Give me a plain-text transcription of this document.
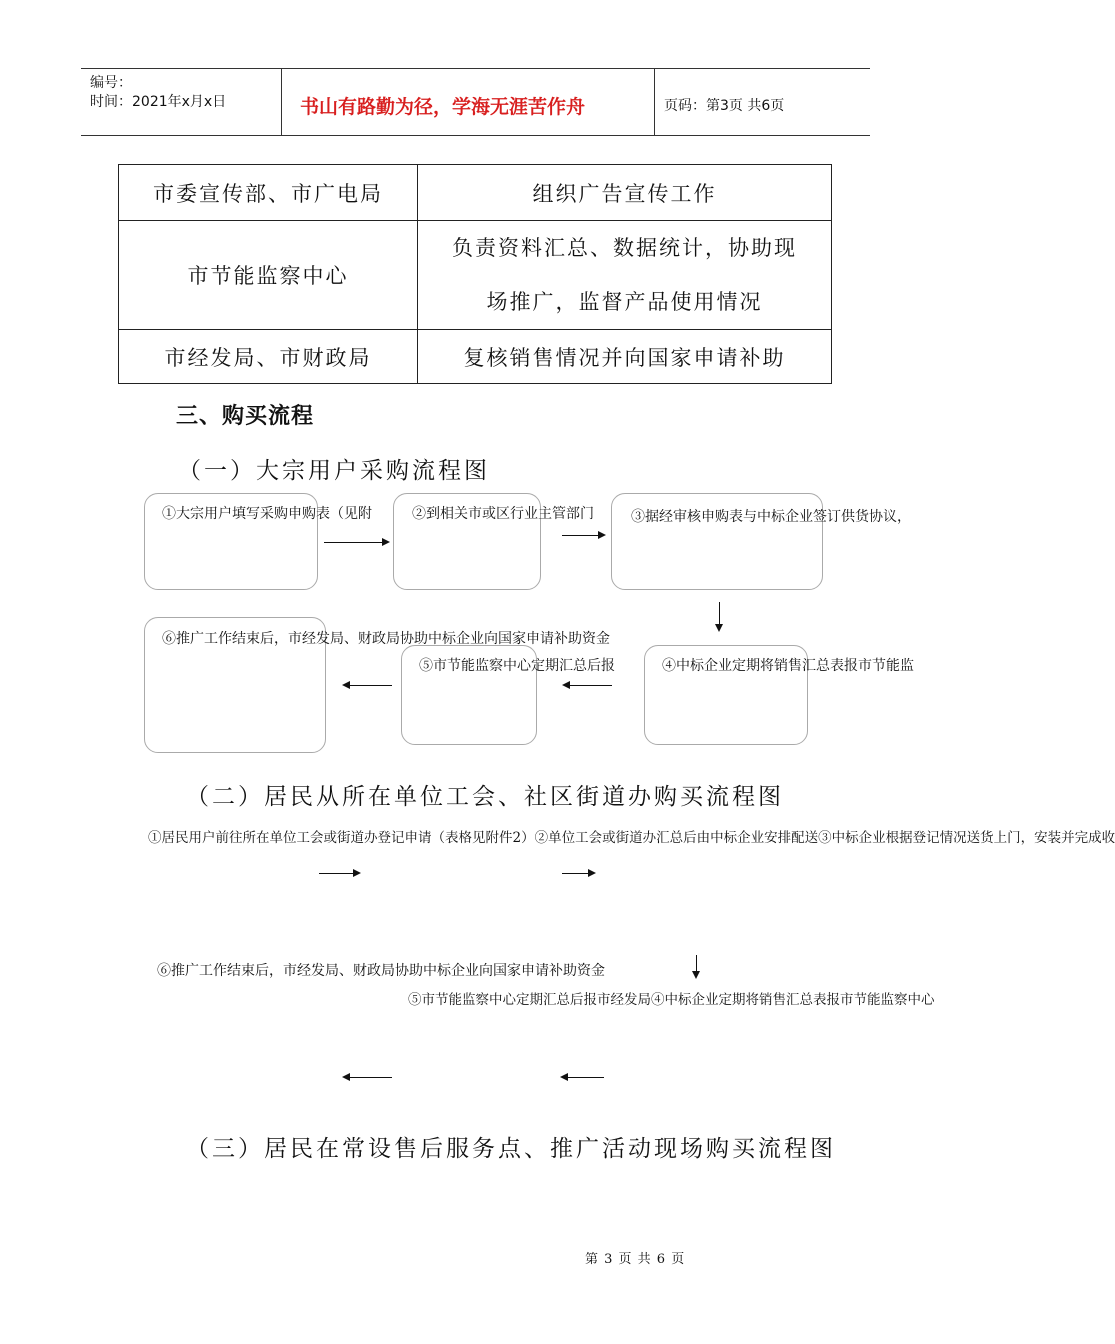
编号：
时间：2021年x月x日	书山有路勤为径，学海无涯苦作舟	页码：第3页 共6页
市委宣传部、市广电局	组织广告宣传工作
市节能监察中心	负责资料汇总、数据统计，协助现
场推广，监督产品使用情况

市经发局、市财政局	复核销售情况并向国家申请补助
三、购买流程
（一）大宗用户采购流程图
①大宗用户填写采购申购表（见附	②到相关市或区行业主管部门	③据经审核申购表与中标企业签订供货协议，
⑥推广工作结束后，市经发局、财政局协助中标企业向国家申请补助资金
⑤市节能监察中心定期汇总后报	④中标企业定期将销售汇总表报市节能监
（二）居民从所在单位工会、社区街道办购买流程图
①居民用户前往所在单位工会或街道办登记申请（表格见附件2）②单位工会或街道办汇总后由中标企业安排配送③中标企业根据登记情况送货上门，安装并完成收
⑥推广工作结束后，市经发局、财政局协助中标企业向国家申请补助资金
⑤市节能监察中心定期汇总后报市经发局④中标企业定期将销售汇总表报市节能监察中心
（三）居民在常设售后服务点、推广活动现场购买流程图
第 3 页 共 6 页
